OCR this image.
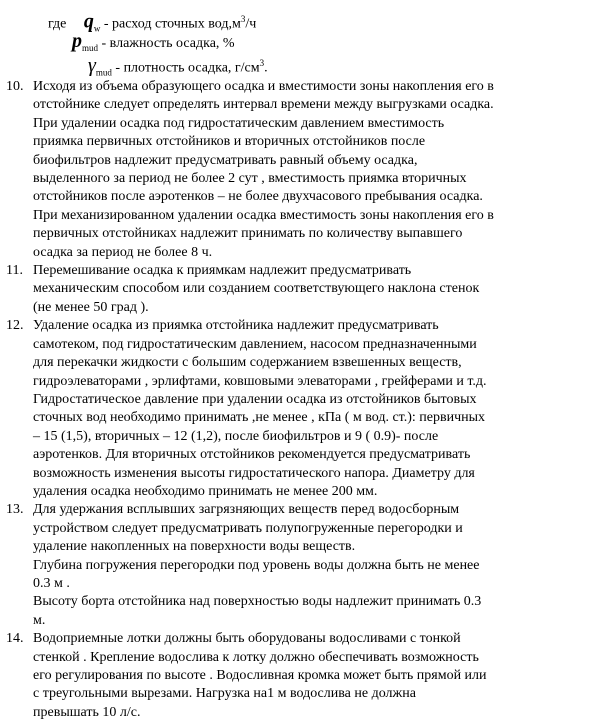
где $q_w$ - расход сточных $вод,м^3/ч$
$p_{mud}$ - влажность осадка, %
$\gamma_{mud}$ - плотность осадка, $г/см^3$.
10. Исходя из объема образующего осадка и вместимости зоны накопления его в
отстойнике следует определять интервал времени между выгрузками осадка.
При удалении осадка под гидростатическим давлением вместимость
приямка первичных отстойников и вторичных отстойников после
биофильтров надлежит предусматривать равный объему осадка,
выделенного за период не более 2 сут , вместимость приямка вторичных
отстойников после аэротенков – не более двухчасового пребывания осадка.
При механизированном удалении осадка вместимость зоны накопления его в
первичных отстойниках надлежит принимать по количеству выпавшего
осадка за период не более 8 ч.
11. Перемешивание осадка к приямкам надлежит предусматривать
механическим способом или созданием соответствующего наклона стенок
(не менее 50 град ).
12. Удаление осадка из приямка отстойника надлежит предусматривать
самотеком, под гидростатическим давлением, насосом предназначенными
для перекачки жидкости с большим содержанием взвешенных веществ,
гидроэлеваторами , эрлифтами, ковшовыми элеваторами , грейферами и т.д.
Гидростатическое давление при удалении осадка из отстойников бытовых
сточных вод необходимо принимать ,не менее , кПа ( м вод. ст.): первичных
– 15 (1,5), вторичных – 12 (1,2), после биофильтров и 9 ( 0.9)- после
аэротенков. Для вторичных отстойников рекомендуется предусматривать
возможность изменения высоты гидростатического напора. Диаметру для
удаления осадка необходимо принимать не менее 200 мм.
13. Для удержания всплывших загрязняющих веществ перед водосборным
устройством следует предусматривать полупогруженные перегородки и
удаление накопленных на поверхности воды веществ.
Глубина погружения перегородки под уровень воды должна быть не менее
0.3 м .
Высоту борта отстойника над поверхностью воды надлежит принимать 0.3
м.
14. Водоприемные лотки должны быть оборудованы водосливами с тонкой
стенкой . Крепление водослива к лотку должно обеспечивать возможность
его регулирования по высоте . Водосливная кромка может быть прямой или
с треугольными вырезами. Нагрузка на1 м водослива не должна
превышать 10 л/с.
